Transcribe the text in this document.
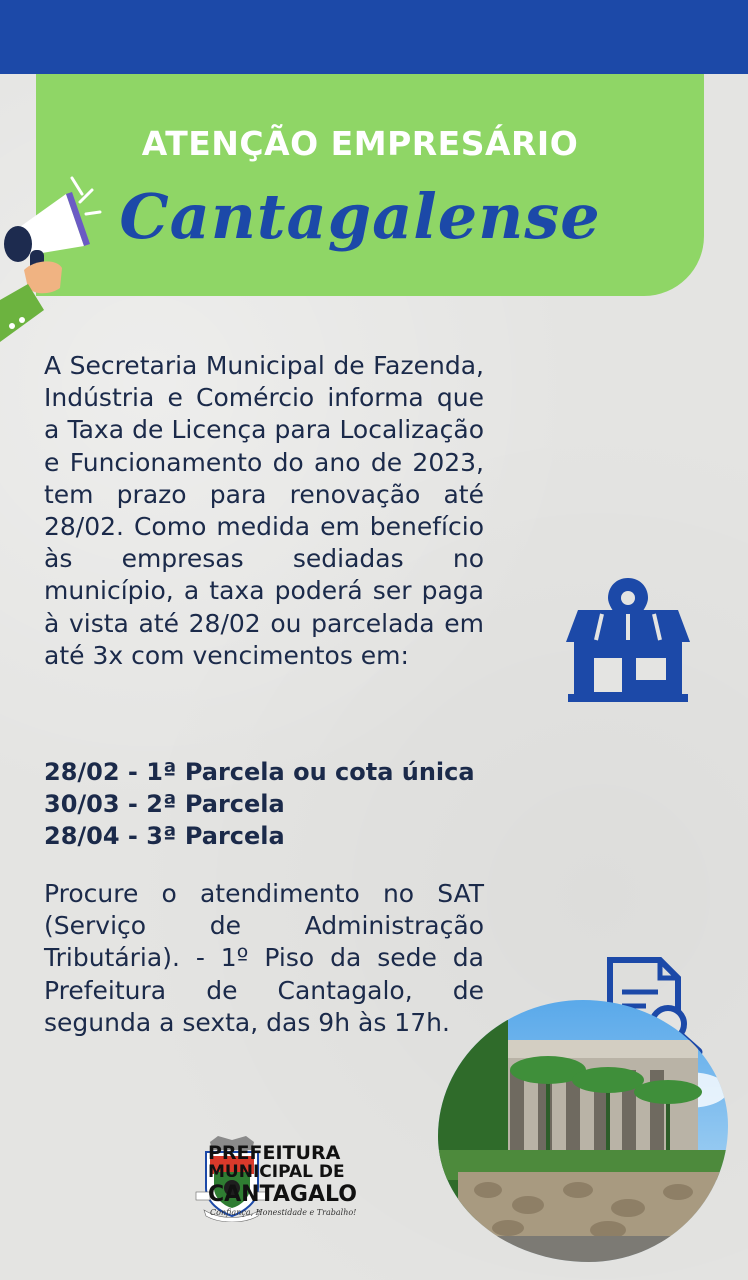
ATENÇÃO EMPRESÁRIO
Cantagalense
A Secretaria Municipal de Fazenda, Indústria e Comércio informa que a Taxa de Licença para Localização e Funcionamento do ano de 2023, tem prazo para renovação até 28/02. Como medida em benefício às empresas sediadas no município, a taxa poderá ser paga à vista até 28/02 ou parcelada em até 3x com vencimentos em:
28/02 - 1ª Parcela ou cota única
30/03 - 2ª Parcela
28/04 - 3ª Parcela
Procure o atendimento no SAT (Serviço de Administração Tributária). - 1º Piso da sede da Prefeitura de Cantagalo, de segunda a sexta, das 9h às 17h.
PREFEITURA
MUNICIPAL DE
CANTAGALO
Confiança, Honestidade e Trabalho!
